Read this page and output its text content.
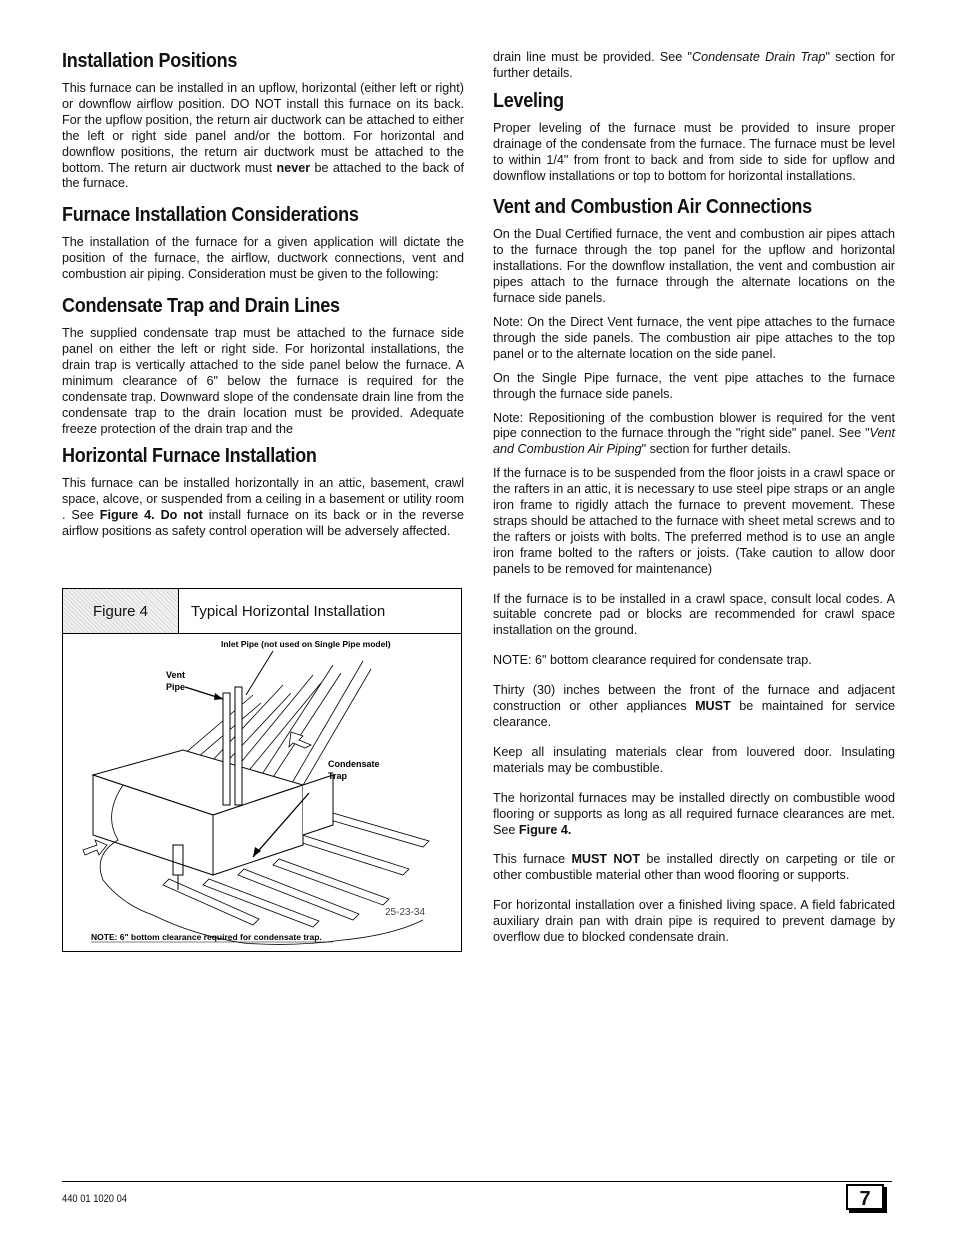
Installation Positions

This furnace can be installed in an upflow, horizontal (either left or right) or downflow airflow position. DO NOT install this furnace on its back. For the upflow position, the return air ductwork can be attached to either the left or right side panel and/or the bottom. For horizontal and downflow positions, the return air ductwork must be attached to the bottom. The return air ductwork must never be attached to the back of the furnace.

Furnace Installation Considerations

The installation of the furnace for a given application will dictate the position of the furnace, the airflow, ductwork connections, vent and combustion air piping. Consideration must be given to the following:

Condensate Trap and Drain Lines

The supplied condensate trap must be attached to the furnace side panel on either the left or right side. For horizontal installations, the drain trap is vertically attached to the side panel below the furnace. A minimum clearance of 6" below the furnace is required for the condensate trap. Downward slope of the condensate drain line from the condensate trap to the drain location must be provided. Adequate freeze protection of the drain trap and the

Horizontal Furnace Installation

This furnace can be installed horizontally in an attic, basement, crawl space, alcove, or suspended from a ceiling in a basement or utility room . See Figure 4. Do not install furnace on its back or in the reverse airflow positions as safety control operation will be adversely affected.

Figure 4	Typical Horizontal Installation
Inlet Pipe (not used on Single Pipe model)
Vent
Pipe
Condensate
Trap
25-23-34
NOTE: 6" bottom clearance required for condensate trap.

drain line must be provided. See "Condensate Drain Trap" section for further details.

Leveling

Proper leveling of the furnace must be provided to insure proper drainage of the condensate from the furnace. The furnace must be level to within 1/4" from front to back and from side to side for upflow and downflow installations or top to bottom for horizontal installations.

Vent and Combustion Air Connections

On the Dual Certified furnace, the vent and combustion air pipes attach to the furnace through the top panel for the upflow and horizontal installations. For the downflow installation, the vent and combustion air pipes attach to the furnace through the alternate locations on the furnace side panels.

Note: On the Direct Vent furnace, the vent pipe attaches to the furnace through the side panels. The combustion air pipe attaches to the top panel or to the alternate location on the side panel.

On the Single Pipe furnace, the vent pipe attaches to the furnace through the furnace side panels.

Note: Repositioning of the combustion blower is required for the vent pipe connection to the furnace through the "right side" panel. See "Vent and Combustion Air Piping" section for further details.

If the furnace is to be suspended from the floor joists in a crawl space or the rafters in an attic, it is necessary to use steel pipe straps or an angle iron frame to rigidly attach the furnace to prevent movement. These straps should be attached to the furnace with sheet metal screws and to the rafters or joists with bolts. The preferred method is to use an angle iron frame bolted to the rafters or joists. (Take caution to allow door panels to be removed for maintenance)

If the furnace is to be installed in a crawl space, consult local codes. A suitable concrete pad or blocks are recommended for crawl space installation on the ground.

NOTE: 6" bottom clearance required for condensate trap.

Thirty (30) inches between the front of the furnace and adjacent construction or other appliances MUST be maintained for service clearance.

Keep all insulating materials clear from louvered door. Insulating materials may be combustible.

The horizontal furnaces may be installed directly on combustible wood flooring or supports as long as all required furnace clearances are met. See Figure 4.

This furnace MUST NOT be installed directly on carpeting or tile or other combustible material other than wood flooring or supports.

For horizontal installation over a finished living space. A field fabricated auxiliary drain pan with drain pipe is required to prevent damage by overflow due to blocked condensate drain.

440 01 1020 04	7
